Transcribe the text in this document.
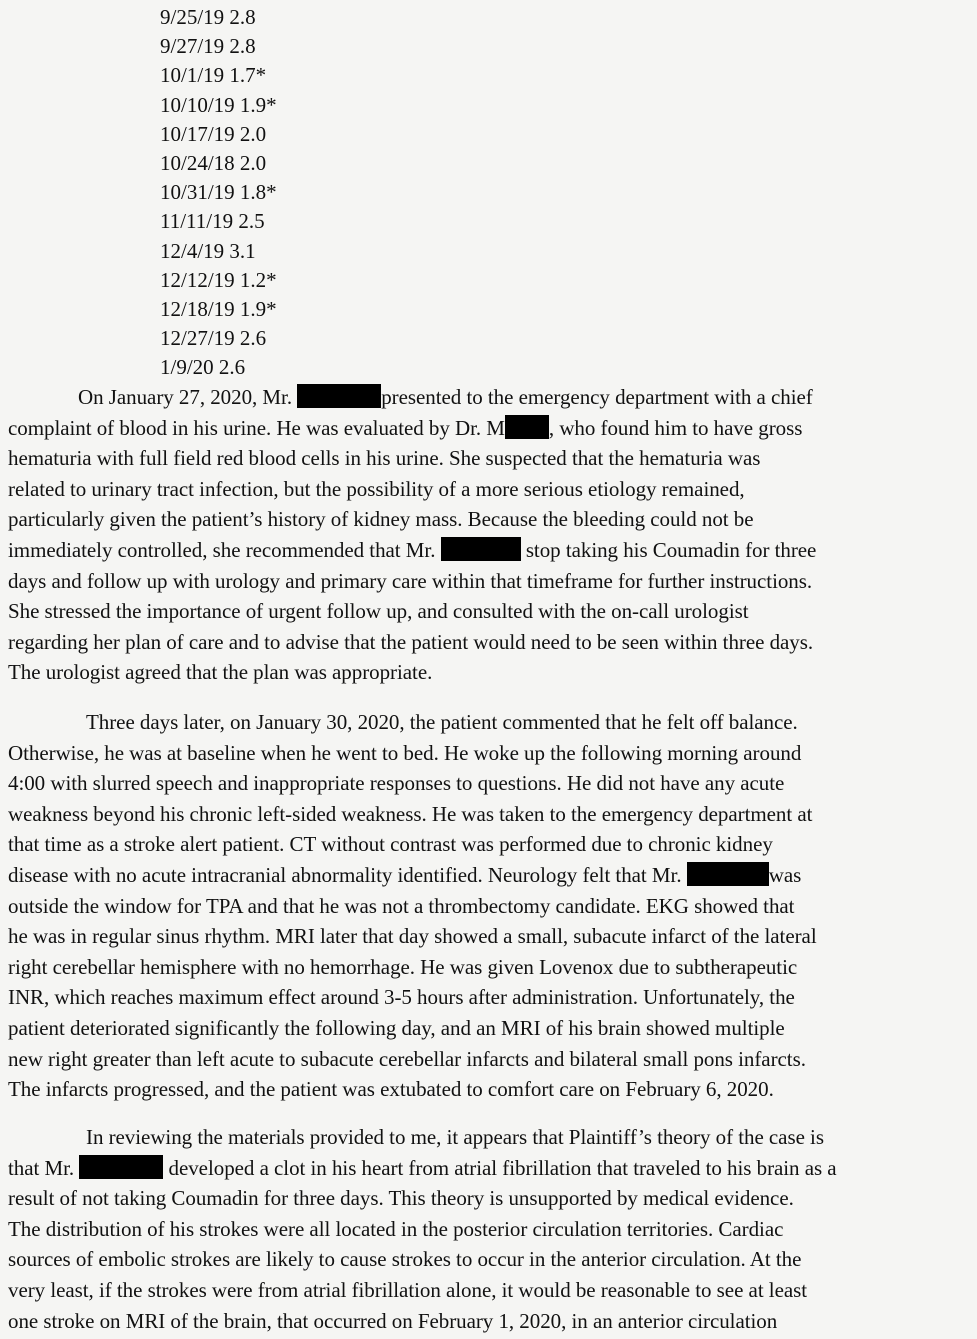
9/25/19 2.8
9/27/19 2.8
10/1/19 1.7*
10/10/19 1.9*
10/17/19 2.0
10/24/18 2.0
10/31/19 1.8*
11/11/19 2.5
12/4/19 3.1
12/12/19 1.2*
12/18/19 1.9*
12/27/19 2.6
1/9/20 2.6
On January 27, 2020, Mr.	presented to the emergency department with a chief
complaint of blood in his urine. He was evaluated by Dr. M , who found him to have gross
hematuria with full field red blood cells in his urine. She suspected that the hematuria was
related to urinary tract infection, but the possibility of a more serious etiology remained,
particularly given the patient’s history of kidney mass. Because the bleeding could not be
immediately controlled, she recommended that Mr.	stop taking his Coumadin for three
days and follow up with urology and primary care within that timeframe for further instructions.
She stressed the importance of urgent follow up, and consulted with the on-call urologist
regarding her plan of care and to advise that the patient would need to be seen within three days.
The urologist agreed that the plan was appropriate.
Three days later, on January 30, 2020, the patient commented that he felt off balance.
Otherwise, he was at baseline when he went to bed. He woke up the following morning around
4:00 with slurred speech and inappropriate responses to questions. He did not have any acute
weakness beyond his chronic left-sided weakness. He was taken to the emergency department at
that time as a stroke alert patient. CT without contrast was performed due to chronic kidney
disease with no acute intracranial abnormality identified. Neurology felt that Mr.	was
outside the window for TPA and that he was not a thrombectomy candidate. EKG showed that
he was in regular sinus rhythm. MRI later that day showed a small, subacute infarct of the lateral
right cerebellar hemisphere with no hemorrhage. He was given Lovenox due to subtherapeutic
INR, which reaches maximum effect around 3-5 hours after administration. Unfortunately, the
patient deteriorated significantly the following day, and an MRI of his brain showed multiple
new right greater than left acute to subacute cerebellar infarcts and bilateral small pons infarcts.
The infarcts progressed, and the patient was extubated to comfort care on February 6, 2020.
In reviewing the materials provided to me, it appears that Plaintiff’s theory of the case is
that Mr.	developed a clot in his heart from atrial fibrillation that traveled to his brain as a
result of not taking Coumadin for three days. This theory is unsupported by medical evidence.
The distribution of his strokes were all located in the posterior circulation territories. Cardiac
sources of embolic strokes are likely to cause strokes to occur in the anterior circulation. At the
very least, if the strokes were from atrial fibrillation alone, it would be reasonable to see at least
one stroke on MRI of the brain, that occurred on February 1, 2020, in an anterior circulation
